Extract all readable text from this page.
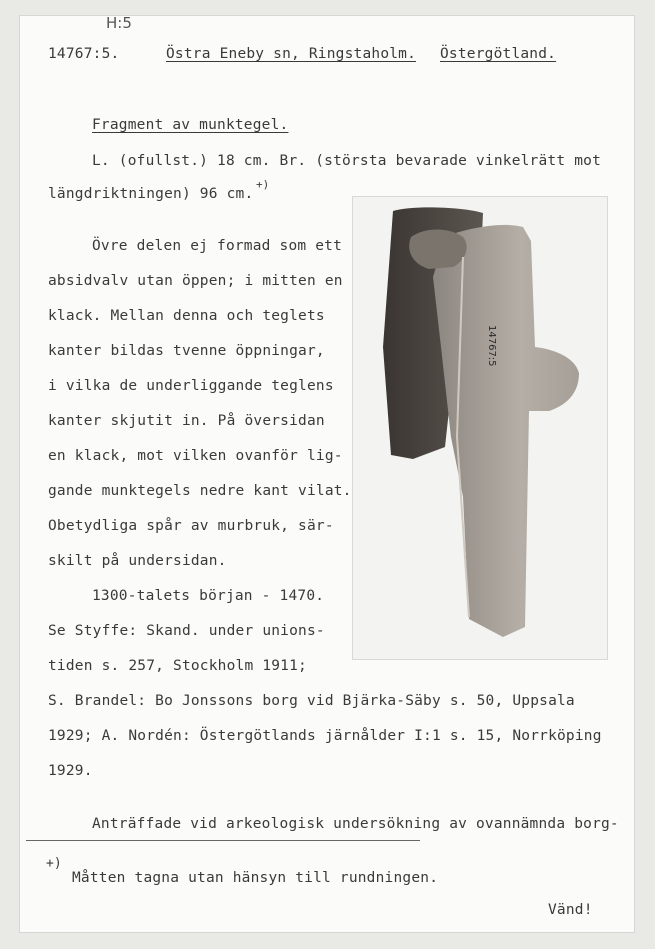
H:5
14767:5.	Östra Eneby sn, Ringstaholm. Östergötland.
Fragment av munktegel.
L. (ofullst.) 18 cm. Br. (största bevarade vinkelrätt mot
längdriktningen) 96 cm.
+)
Övre delen ej formad som ett
absidvalv utan öppen; i mitten en
klack. Mellan denna och teglets
kanter bildas tvenne öppningar,
i vilka de underliggande teglens
kanter skjutit in. På översidan
en klack, mot vilken ovanför lig-
gande munktegels nedre kant vilat.
Obetydliga spår av murbruk, sär-
skilt på undersidan.
1300-talets början - 1470.
Se Styffe: Skand. under unions-
tiden s. 257, Stockholm 1911;
S. Brandel: Bo Jonssons borg vid Bjärka-Säby s. 50, Uppsala
1929; A. Nordén: Östergötlands järnålder I:1 s. 15, Norrköping
1929.
Anträffade vid arkeologisk undersökning av ovannämnda borg-
+)
Måtten tagna utan hänsyn till rundningen.
Vänd!
14767:5
